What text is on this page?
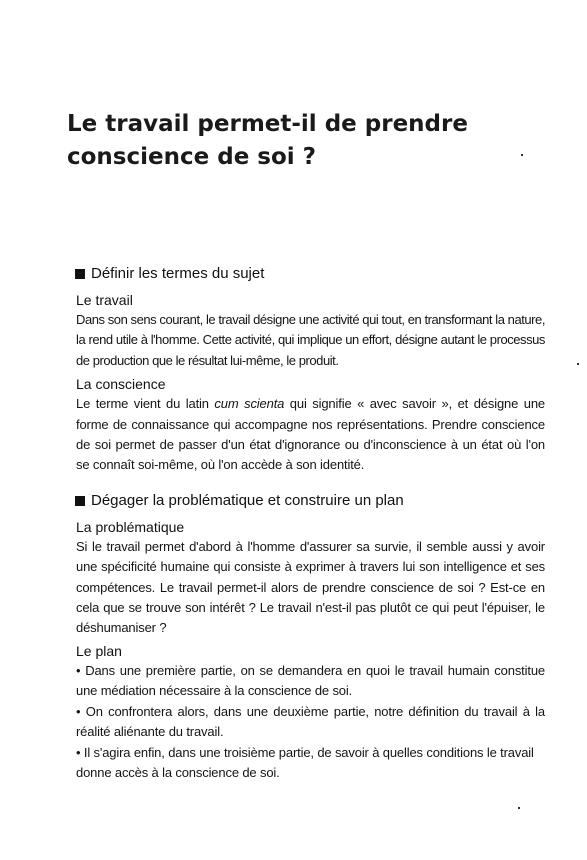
Le travail permet-il de prendre conscience de soi ?
Définir les termes du sujet
Le travail

Dans son sens courant, le travail désigne une activité qui tout, en transformant la nature, la rend utile à l'homme. Cette activité, qui implique un effort, désigne autant le processus de production que le résultat lui-même, le produit.

La conscience

Le terme vient du latin cum scienta qui signifie « avec savoir », et désigne une forme de connaissance qui accompagne nos représentations. Prendre conscience de soi permet de passer d'un état d'ignorance ou d'inconscience à un état où l'on se connaît soi-même, où l'on accède à son identité.

Dégager la problématique et construire un plan
La problématique

Si le travail permet d'abord à l'homme d'assurer sa survie, il semble aussi y avoir une spécificité humaine qui consiste à exprimer à travers lui son intelligence et ses compétences. Le travail permet-il alors de prendre conscience de soi ? Est-ce en cela que se trouve son intérêt ? Le travail n'est-il pas plutôt ce qui peut l'épuiser, le déshumaniser ?

Le plan

• Dans une première partie, on se demandera en quoi le travail humain constitue une médiation nécessaire à la conscience de soi.

• On confrontera alors, dans une deuxième partie, notre définition du travail à la réalité aliénante du travail.

• Il s'agira enfin, dans une troisième partie, de savoir à quelles conditions le travail donne accès à la conscience de soi.
